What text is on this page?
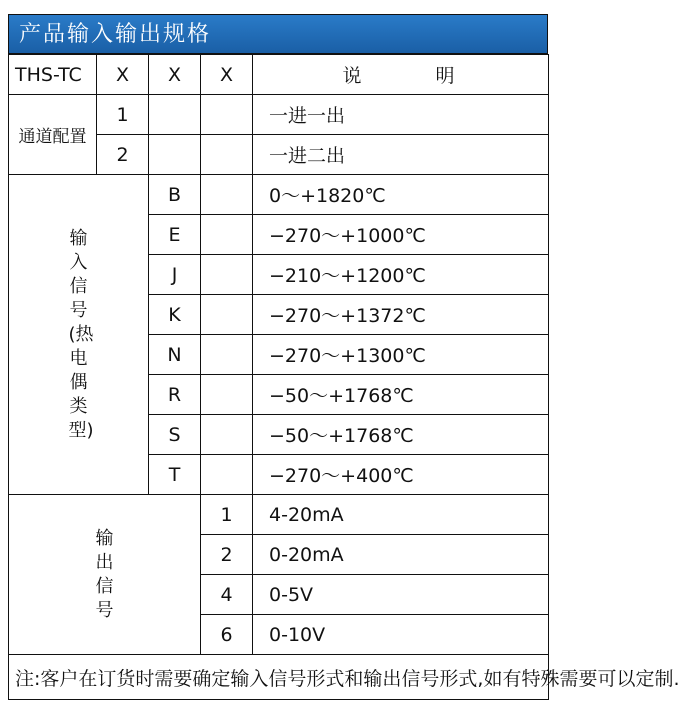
产品输入输出规格
THS-TC	X	X	X	说 明
通道配置	1			一进一出
	2			一进二出
输入信号(热电偶类型)		B		0～+1820℃
		E		−270～+1000℃
		J		−210～+1200℃
		K		−270～+1372℃
		N		−270～+1300℃
		R		−50～+1768℃
		S		−50～+1768℃
		T		−270～+400℃
输出信号			1	4-20mA
			2	0-20mA
			4	0-5V
			6	0-10V
注:客户在订货时需要确定输入信号形式和输出信号形式,如有特殊需要可以定制.				
